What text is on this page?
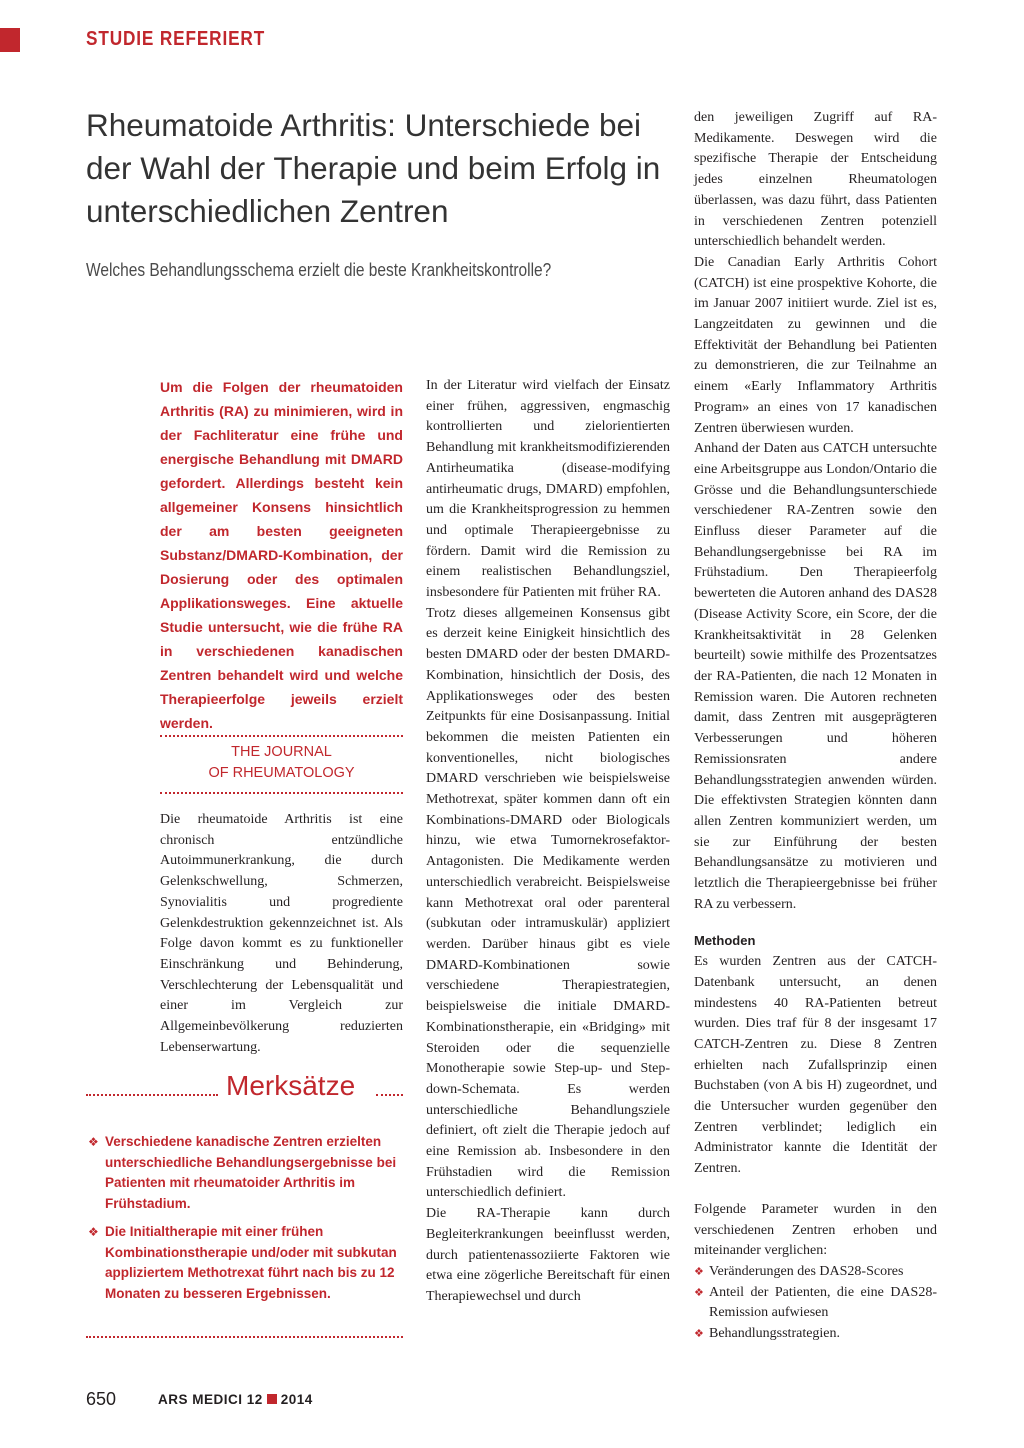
STUDIE REFERIERT
Rheumatoide Arthritis: Unterschiede bei der Wahl der Therapie und beim Erfolg in unterschiedlichen Zentren
Welches Behandlungsschema erzielt die beste Krankheitskontrolle?
Um die Folgen der rheumatoiden Arthritis (RA) zu minimieren, wird in der Fachliteratur eine frühe und energische Behandlung mit DMARD gefordert. Allerdings besteht kein allgemeiner Konsens hinsichtlich der am besten geeigneten Substanz/DMARD-Kombination, der Dosierung oder des optimalen Applikationsweges. Eine aktuelle Studie untersucht, wie die frühe RA in verschiedenen kanadischen Zentren behandelt wird und welche Therapieerfolge jeweils erzielt werden.
THE JOURNAL
OF RHEUMATOLOGY

Die rheumatoide Arthritis ist eine chronisch entzündliche Autoimmunerkrankung, die durch Gelenkschwellung, Schmerzen, Synovialitis und progrediente Gelenkdestruktion gekennzeichnet ist. Als Folge davon kommt es zu funktioneller Einschränkung und Behinderung, Verschlechterung der Lebensqualität und einer im Vergleich zur Allgemeinbevölkerung reduzierten Lebenserwartung.

Merksätze
❖ Verschiedene kanadische Zentren erzielten unterschiedliche Behandlungsergebnisse bei Patienten mit rheumatoider Arthritis im Frühstadium.
❖ Die Initialtherapie mit einer frühen Kombinationstherapie und/oder mit subkutan appliziertem Methotrexat führt nach bis zu 12 Monaten zu besseren Ergebnissen.

In der Literatur wird vielfach der Einsatz einer frühen, aggressiven, engmaschig kontrollierten und zielorientierten Behandlung mit krankheitsmodifizierenden Antirheumatika (disease-modifying antirheumatic drugs, DMARD) empfohlen, um die Krankheitsprogression zu hemmen und optimale Therapieergebnisse zu fördern. Damit wird die Remission zu einem realistischen Behandlungsziel, insbesondere für Patienten mit früher RA.

Trotz dieses allgemeinen Konsensus gibt es derzeit keine Einigkeit hinsichtlich des besten DMARD oder der besten DMARD-Kombination, hinsichtlich der Dosis, des Applikationsweges oder des besten Zeitpunkts für eine Dosisanpassung. Initial bekommen die meisten Patienten ein konventionelles, nicht biologisches DMARD verschrieben wie beispielsweise Methotrexat, später kommen dann oft ein Kombinations-DMARD oder Biologicals hinzu, wie etwa Tumornekrosefaktor-Antagonisten. Die Medikamente werden unterschiedlich verabreicht. Beispielsweise kann Methotrexat oral oder parenteral (subkutan oder intramuskulär) appliziert werden. Darüber hinaus gibt es viele DMARD-Kombinationen sowie verschiedene Therapiestrategien, beispielsweise die initiale DMARD-Kombinationstherapie, ein «Bridging» mit Steroiden oder die sequenzielle Monotherapie sowie Step-up- und Step-down-Schemata. Es werden unterschiedliche Behandlungsziele definiert, oft zielt die Therapie jedoch auf eine Remission ab. Insbesondere in den Frühstadien wird die Remission unterschiedlich definiert.

Die RA-Therapie kann durch Begleiterkrankungen beeinflusst werden, durch patientenassoziierte Faktoren wie etwa eine zögerliche Bereitschaft für einen Therapiewechsel und durch

den jeweiligen Zugriff auf RA-Medikamente. Deswegen wird die spezifische Therapie der Entscheidung jedes einzelnen Rheumatologen überlassen, was dazu führt, dass Patienten in verschiedenen Zentren potenziell unterschiedlich behandelt werden.

Die Canadian Early Arthritis Cohort (CATCH) ist eine prospektive Kohorte, die im Januar 2007 initiiert wurde. Ziel ist es, Langzeitdaten zu gewinnen und die Effektivität der Behandlung bei Patienten zu demonstrieren, die zur Teilnahme an einem «Early Inflammatory Arthritis Program» an eines von 17 kanadischen Zentren überwiesen wurden.

Anhand der Daten aus CATCH untersuchte eine Arbeitsgruppe aus London/Ontario die Grösse und die Behandlungsunterschiede verschiedener RA-Zentren sowie den Einfluss dieser Parameter auf die Behandlungsergebnisse bei RA im Frühstadium. Den Therapieerfolg bewerteten die Autoren anhand des DAS28 (Disease Activity Score, ein Score, der die Krankheitsaktivität in 28 Gelenken beurteilt) sowie mithilfe des Prozentsatzes der RA-Patienten, die nach 12 Monaten in Remission waren. Die Autoren rechneten damit, dass Zentren mit ausgeprägteren Verbesserungen und höheren Remissionsraten andere Behandlungsstrategien anwenden würden. Die effektivsten Strategien könnten dann allen Zentren kommuniziert werden, um sie zur Einführung der besten Behandlungsansätze zu motivieren und letztlich die Therapieergebnisse bei früher RA zu verbessern.

Methoden

Es wurden Zentren aus der CATCH-Datenbank untersucht, an denen mindestens 40 RA-Patienten betreut wurden. Dies traf für 8 der insgesamt 17 CATCH-Zentren zu. Diese 8 Zentren erhielten nach Zufallsprinzip einen Buchstaben (von A bis H) zugeordnet, und die Untersucher wurden gegenüber den Zentren verblindet; lediglich ein Administrator kannte die Identität der Zentren.

Folgende Parameter wurden in den verschiedenen Zentren erhoben und miteinander verglichen:

❖ Veränderungen des DAS28-Scores
❖ Anteil der Patienten, die eine DAS28-Remission aufwiesen
❖ Behandlungsstrategien.
650	ARS MEDICI 12 2014
